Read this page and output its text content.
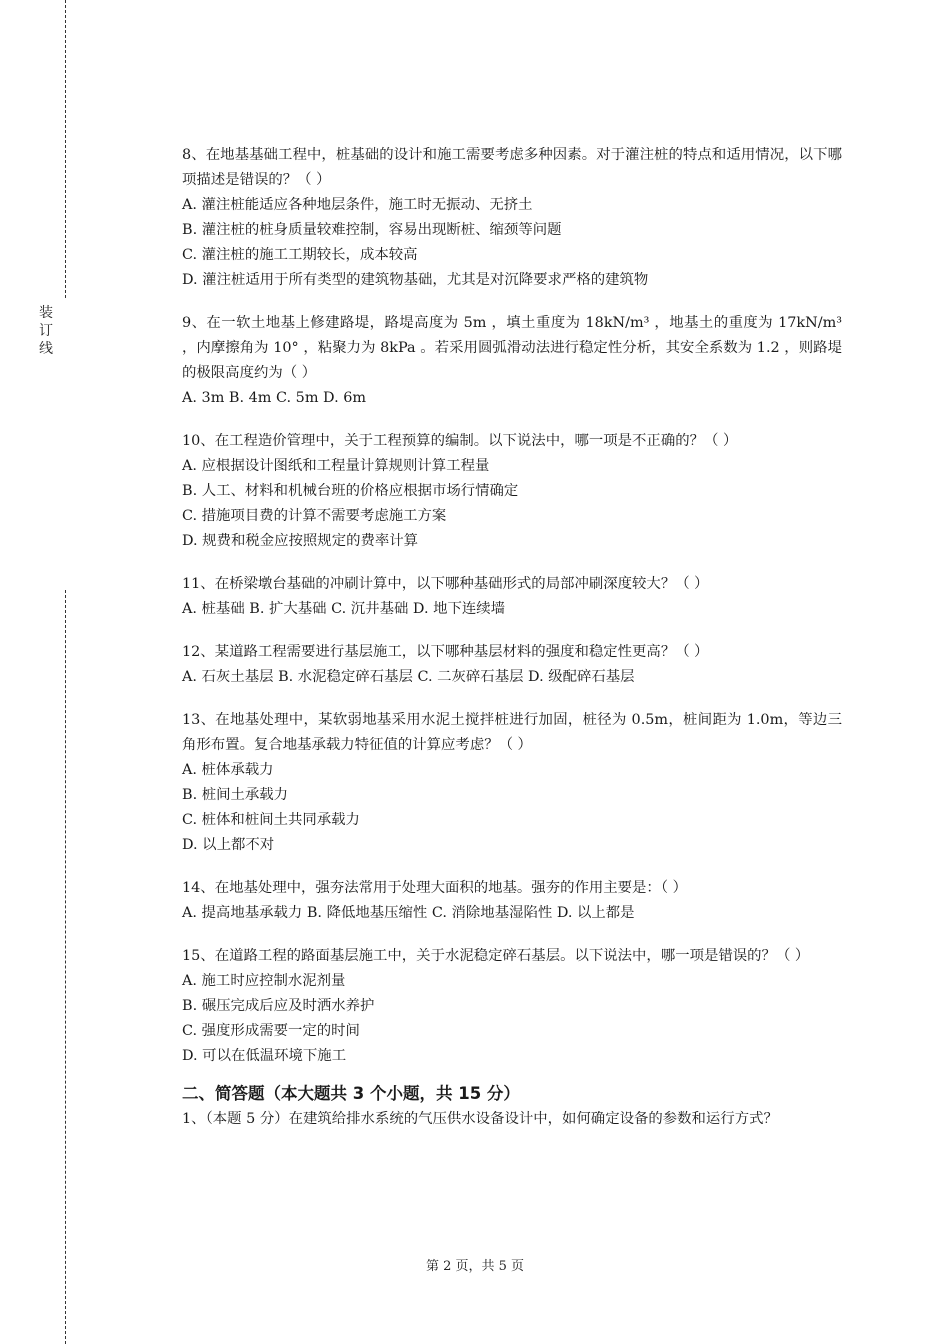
装
订
线

8、在地基基础工程中，桩基础的设计和施工需要考虑多种因素。对于灌注桩的特点和适用情况，以下哪项描述是错误的？（ ）

A. 灌注桩能适应各种地层条件，施工时无振动、无挤土

B. 灌注桩的桩身质量较难控制，容易出现断桩、缩颈等问题

C. 灌注桩的施工工期较长，成本较高

D. 灌注桩适用于所有类型的建筑物基础，尤其是对沉降要求严格的建筑物

9、在一软土地基上修建路堤，路堤高度为 5m ，填土重度为 18kN/m³ ，地基土的重度为 17kN/m³ ，内摩擦角为 10° ，粘聚力为 8kPa 。若采用圆弧滑动法进行稳定性分析，其安全系数为 1.2 ，则路堤的极限高度约为（ ）

A. 3m B. 4m C. 5m D. 6m

10、在工程造价管理中，关于工程预算的编制。以下说法中，哪一项是不正确的？（ ）

A. 应根据设计图纸和工程量计算规则计算工程量

B. 人工、材料和机械台班的价格应根据市场行情确定

C. 措施项目费的计算不需要考虑施工方案

D. 规费和税金应按照规定的费率计算

11、在桥梁墩台基础的冲刷计算中，以下哪种基础形式的局部冲刷深度较大？（ ）

A. 桩基础 B. 扩大基础 C. 沉井基础 D. 地下连续墙

12、某道路工程需要进行基层施工，以下哪种基层材料的强度和稳定性更高？（ ）

A. 石灰土基层 B. 水泥稳定碎石基层 C. 二灰碎石基层 D. 级配碎石基层

13、在地基处理中，某软弱地基采用水泥土搅拌桩进行加固，桩径为 0.5m，桩间距为 1.0m，等边三角形布置。复合地基承载力特征值的计算应考虑？（ ）

A. 桩体承载力

B. 桩间土承载力

C. 桩体和桩间土共同承载力

D. 以上都不对

14、在地基处理中，强夯法常用于处理大面积的地基。强夯的作用主要是：（ ）

A. 提高地基承载力 B. 降低地基压缩性 C. 消除地基湿陷性 D. 以上都是

15、在道路工程的路面基层施工中，关于水泥稳定碎石基层。以下说法中，哪一项是错误的？（ ）

A. 施工时应控制水泥剂量

B. 碾压完成后应及时洒水养护

C. 强度形成需要一定的时间

D. 可以在低温环境下施工

二、简答题（本大题共 3 个小题，共 15 分）

1、（本题 5 分）在建筑给排水系统的气压供水设备设计中，如何确定设备的参数和运行方式？

第 2 页，共 5 页
